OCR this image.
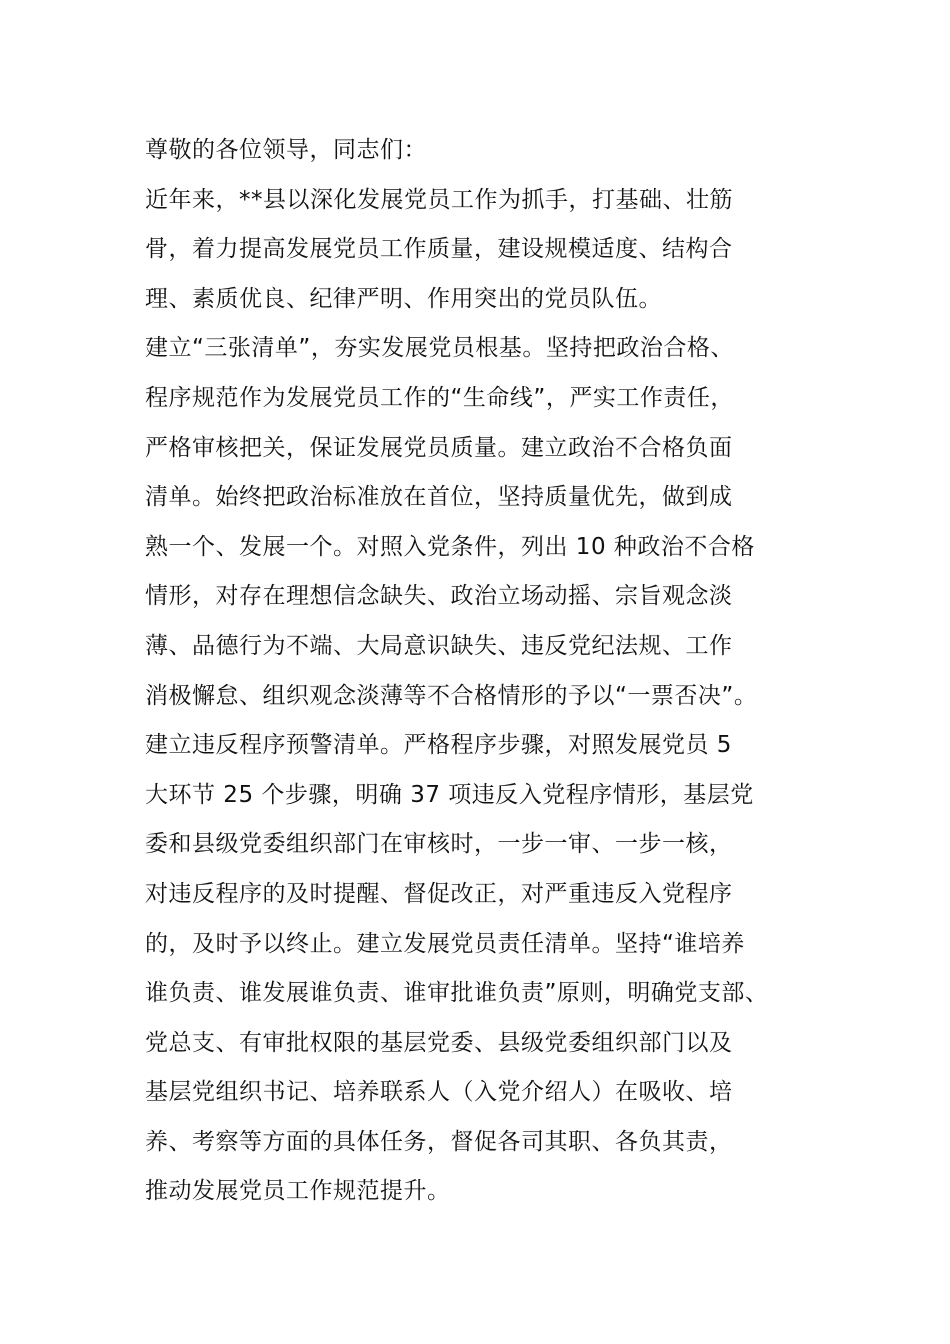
尊敬的各位领导，同志们：
近年来，**县以深化发展党员工作为抓手，打基础、壮筋
骨，着力提高发展党员工作质量，建设规模适度、结构合
理、素质优良、纪律严明、作用突出的党员队伍。
建立“三张清单”，夯实发展党员根基。坚持把政治合格、
程序规范作为发展党员工作的“生命线”，严实工作责任，
严格审核把关，保证发展党员质量。建立政治不合格负面
清单。始终把政治标准放在首位，坚持质量优先，做到成
熟一个、发展一个。对照入党条件，列出 10 种政治不合格
情形，对存在理想信念缺失、政治立场动摇、宗旨观念淡
薄、品德行为不端、大局意识缺失、违反党纪法规、工作
消极懈怠、组织观念淡薄等不合格情形的予以“一票否决”。
建立违反程序预警清单。严格程序步骤，对照发展党员 5
大环节 25 个步骤，明确 37 项违反入党程序情形，基层党
委和县级党委组织部门在审核时，一步一审、一步一核，
对违反程序的及时提醒、督促改正，对严重违反入党程序
的，及时予以终止。建立发展党员责任清单。坚持“谁培养
谁负责、谁发展谁负责、谁审批谁负责”原则，明确党支部、
党总支、有审批权限的基层党委、县级党委组织部门以及
基层党组织书记、培养联系人（入党介绍人）在吸收、培
养、考察等方面的具体任务，督促各司其职、各负其责，
推动发展党员工作规范提升。
